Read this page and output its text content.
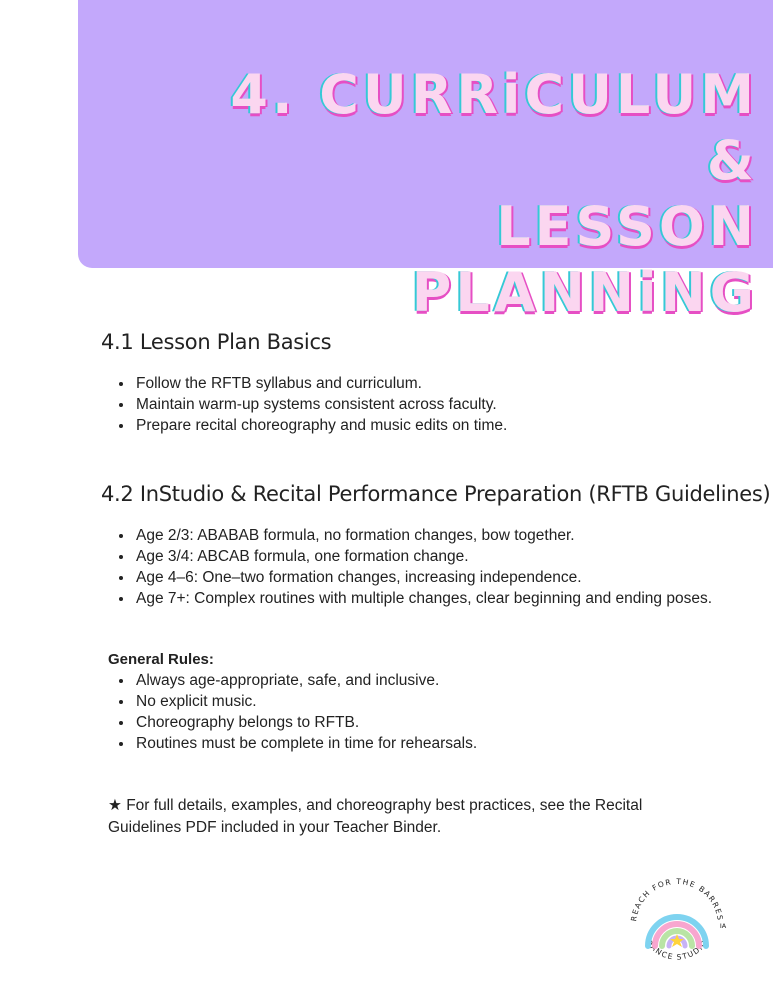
4. CURRiCULUM &
LESSON PLANNiNG
4.1 Lesson Plan Basics
• Follow the RFTB syllabus and curriculum.
• Maintain warm-up systems consistent across faculty.
• Prepare recital choreography and music edits on time.
4.2 InStudio & Recital Performance Preparation (RFTB Guidelines)
• Age 2/3: ABABAB formula, no formation changes, bow together.
• Age 3/4: ABCAB formula, one formation change.
• Age 4–6: One–two formation changes, increasing independence.
• Age 7+: Complex routines with multiple changes, clear beginning and ending poses.

General Rules:

• Always age-appropriate, safe, and inclusive.
• No explicit music.
• Choreography belongs to RFTB.
• Routines must be complete in time for rehearsals.

★ For full details, examples, and choreography best practices, see the Recital Guidelines PDF included in your Teacher Binder.

REACH FOR THE BARRES
DANCE STUDIO
IA
